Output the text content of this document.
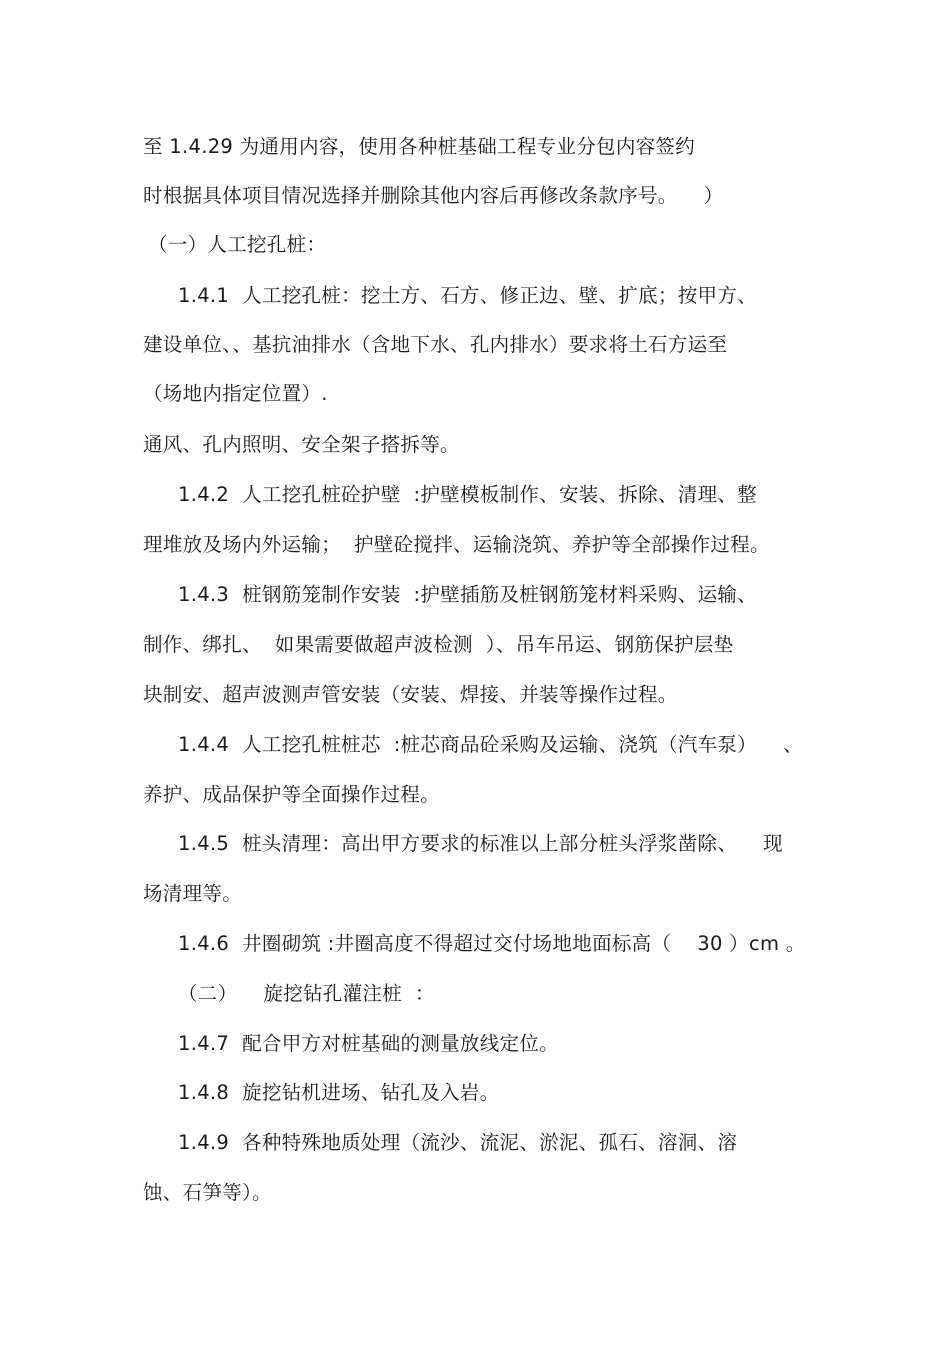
至 1.4.29 为通用内容，使用各种桩基础工程专业分包内容签约
时根据具体项目情况选择并删除其他内容后再修改条款序号。    ）
（一）人工挖孔桩：
1.4.1  人工挖孔桩：挖土方、石方、修正边、壁、扩底；按甲方、
建设单位、、基抗油排水（含地下水、孔内排水）要求将土石方运至
（场地内指定位置）.
通风、孔内照明、安全架子搭拆等。
1.4.2  人工挖孔桩砼护壁  :护壁模板制作、安装、拆除、清理、整
理堆放及场内外运输；  护壁砼搅拌、运输浇筑、养护等全部操作过程。
1.4.3  桩钢筋笼制作安装  :护壁插筋及桩钢筋笼材料采购、运输、
制作、绑扎、  如果需要做超声波检测  ）、吊车吊运、钢筋保护层垫
块制安、超声波测声管安装（安装、焊接、并装等操作过程。
1.4.4  人工挖孔桩桩芯  :桩芯商品砼采购及运输、浇筑（汽车泵）    、
养护、成品保护等全面操作过程。
1.4.5  桩头清理：高出甲方要求的标准以上部分桩头浮浆凿除、    现
场清理等。
1.4.6  井圈砌筑 :井圈高度不得超过交付场地地面标高（    30 ）cm 。
（二）    旋挖钻孔灌注桩  ：
1.4.7  配合甲方对桩基础的测量放线定位。
1.4.8  旋挖钻机进场、钻孔及入岩。
1.4.9  各种特殊地质处理（流沙、流泥、淤泥、孤石、溶洞、溶
蚀、石笋等）。
